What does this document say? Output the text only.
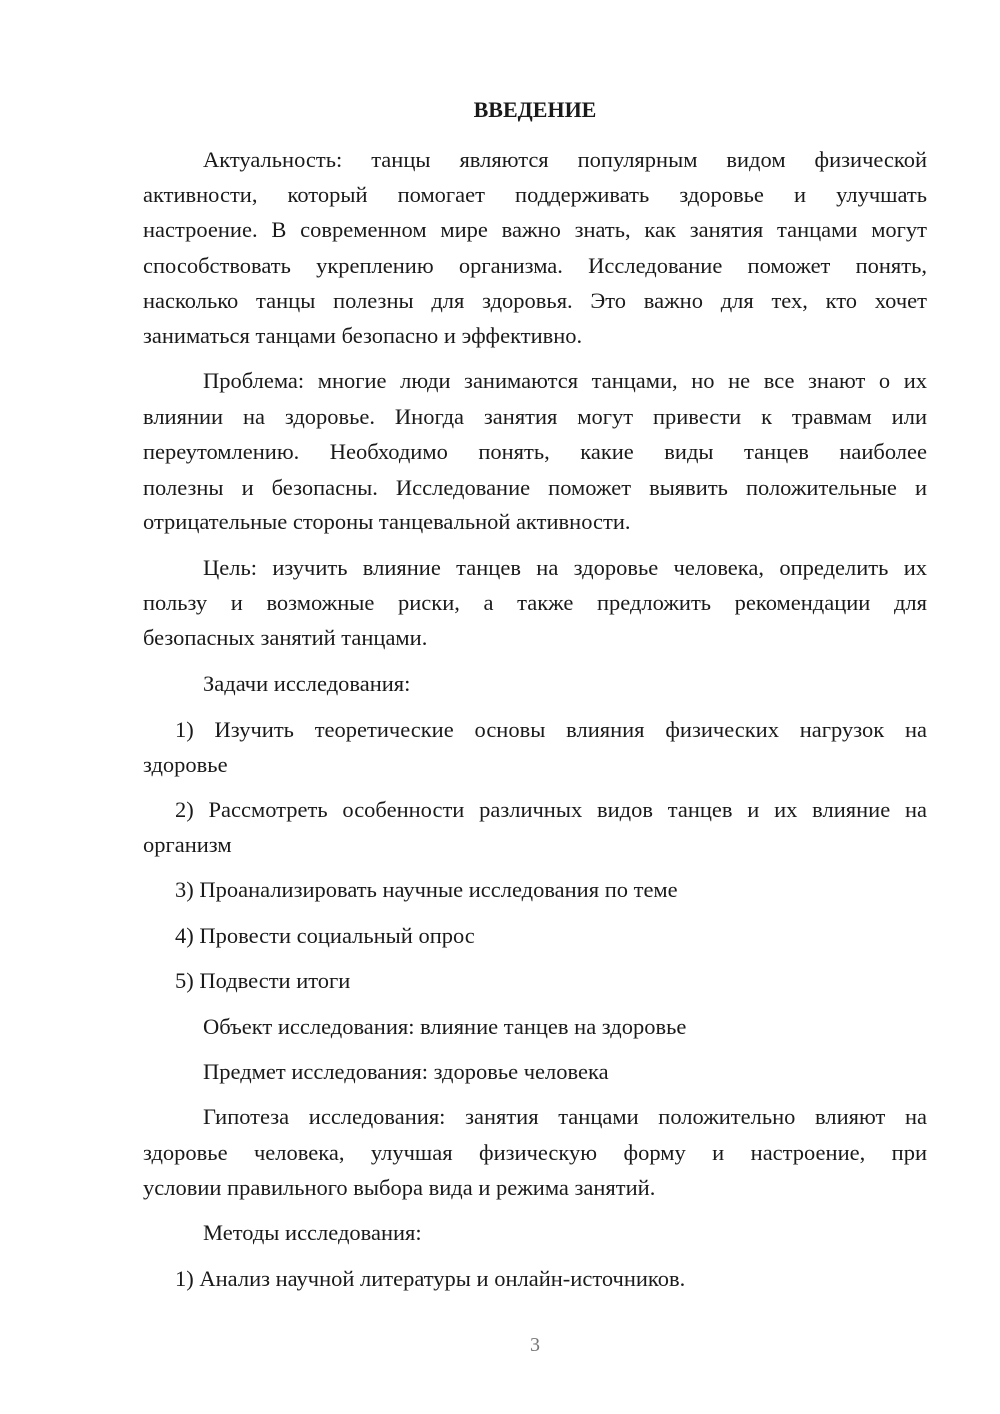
ВВЕДЕНИЕ
Актуальность: танцы являются популярным видом физической
активности, который помогает поддерживать здоровье и улучшать
настроение. В современном мире важно знать, как занятия танцами могут
способствовать укреплению организма. Исследование поможет понять,
насколько танцы полезны для здоровья. Это важно для тех, кто хочет
заниматься танцами безопасно и эффективно.
Проблема: многие люди занимаются танцами, но не все знают о их
влиянии на здоровье. Иногда занятия могут привести к травмам или
переутомлению. Необходимо понять, какие виды танцев наиболее
полезны и безопасны. Исследование поможет выявить положительные и
отрицательные стороны танцевальной активности.
Цель: изучить влияние танцев на здоровье человека, определить их
пользу и возможные риски, а также предложить рекомендации для
безопасных занятий танцами.
Задачи исследования:
1) Изучить теоретические основы влияния физических нагрузок на
здоровье
2) Рассмотреть особенности различных видов танцев и их влияние на
организм
3) Проанализировать научные исследования по теме
4) Провести социальный опрос
5) Подвести итоги
Объект исследования: влияние танцев на здоровье
Предмет исследования: здоровье человека
Гипотеза исследования: занятия танцами положительно влияют на
здоровье человека, улучшая физическую форму и настроение, при
условии правильного выбора вида и режима занятий.
Методы исследования:
1) Анализ научной литературы и онлайн-источников.
3
